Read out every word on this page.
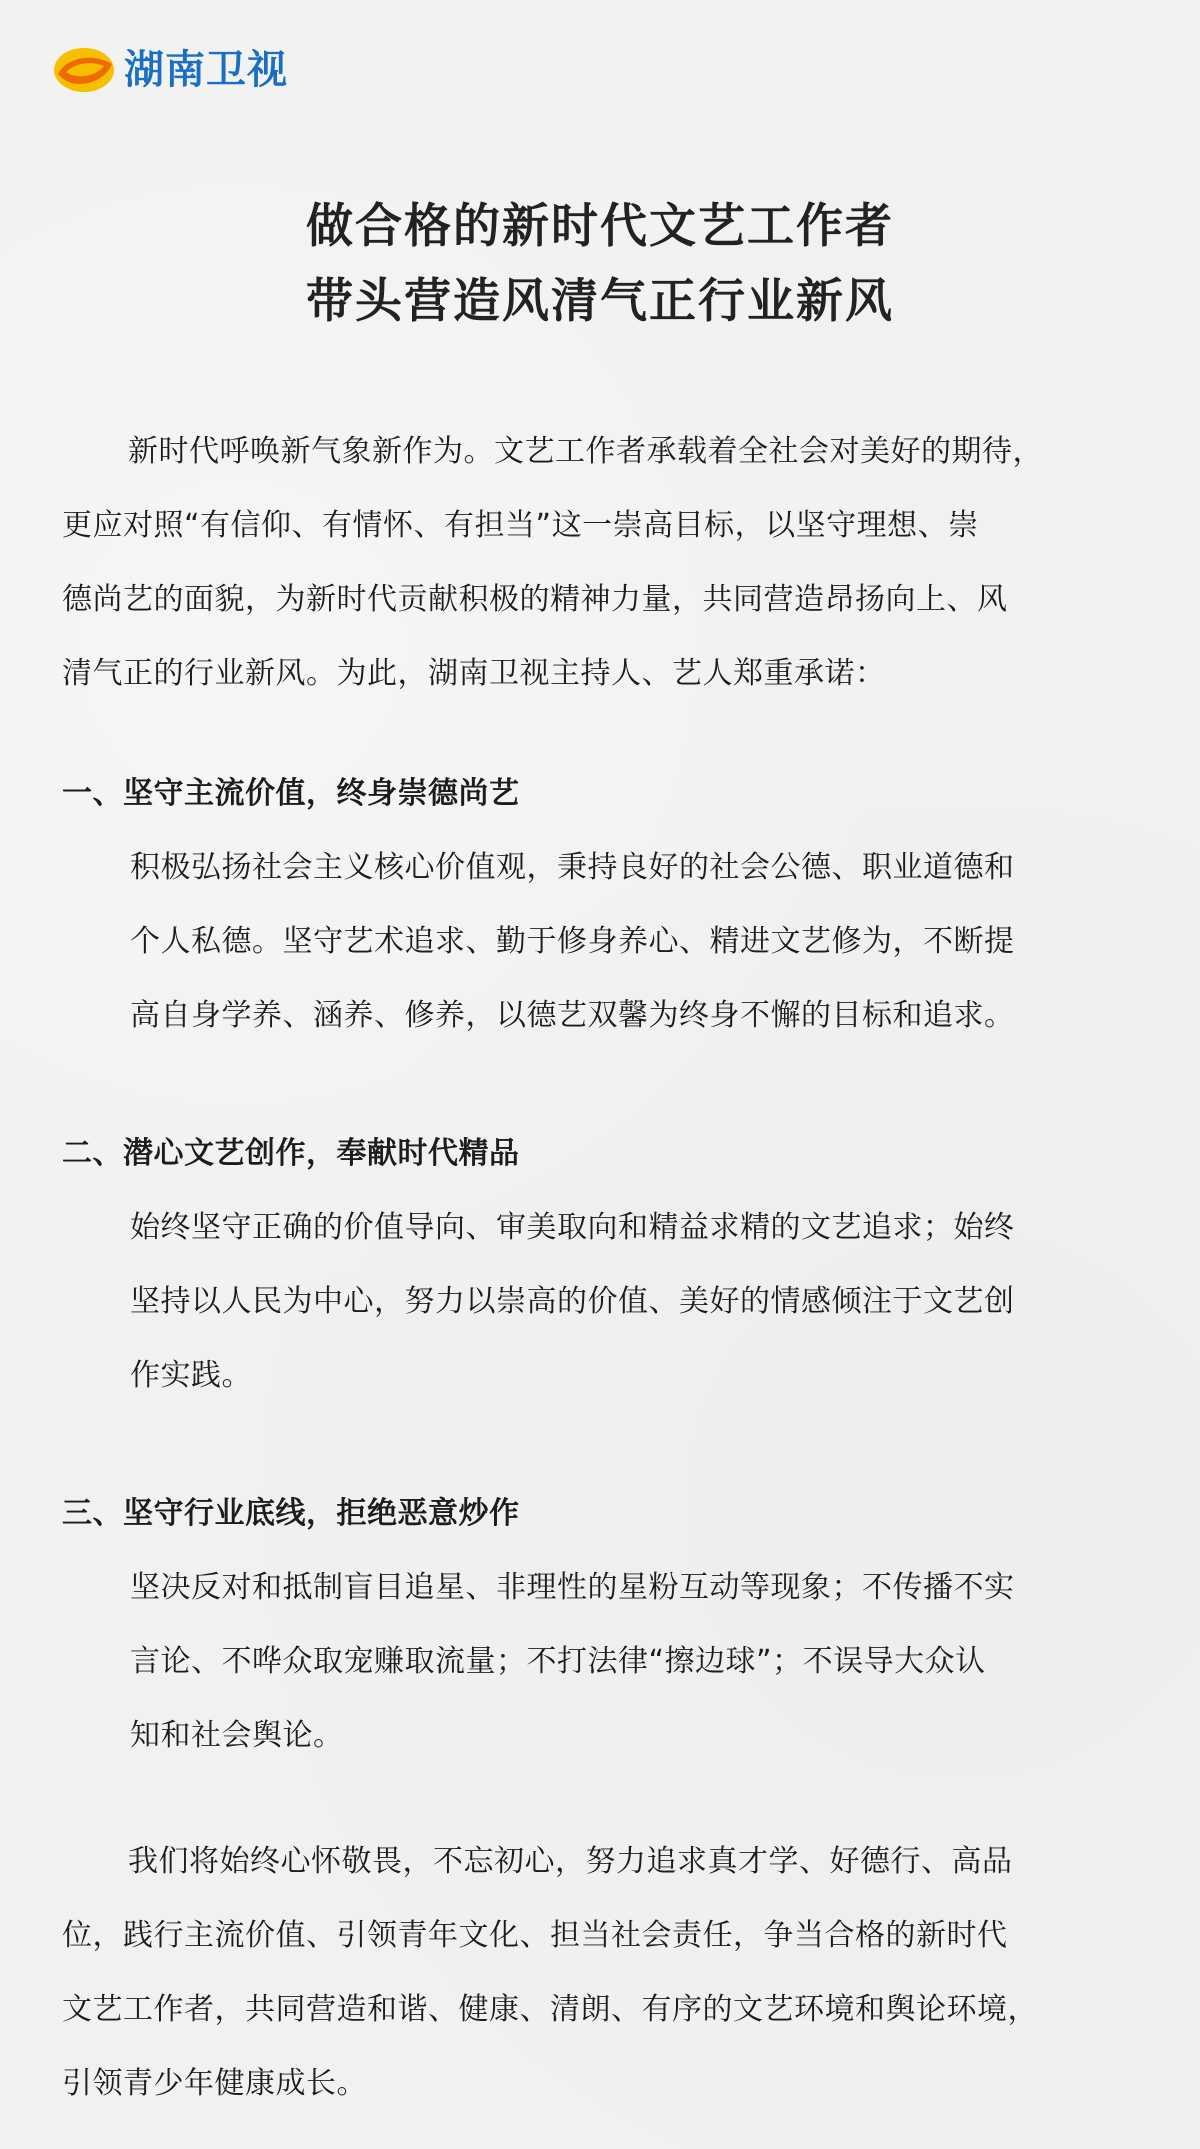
湖南卫视
做合格的新时代文艺工作者
带头营造风清气正行业新风
新时代呼唤新气象新作为。文艺工作者承载着全社会对美好的期待，
更应对照“有信仰、有情怀、有担当”这一崇高目标，以坚守理想、崇
德尚艺的面貌，为新时代贡献积极的精神力量，共同营造昂扬向上、风
清气正的行业新风。为此，湖南卫视主持人、艺人郑重承诺：
一、坚守主流价值，终身崇德尚艺
积极弘扬社会主义核心价值观，秉持良好的社会公德、职业道德和
个人私德。坚守艺术追求、勤于修身养心、精进文艺修为，不断提
高自身学养、涵养、修养，以德艺双馨为终身不懈的目标和追求。
二、潜心文艺创作，奉献时代精品
始终坚守正确的价值导向、审美取向和精益求精的文艺追求；始终
坚持以人民为中心，努力以崇高的价值、美好的情感倾注于文艺创
作实践。
三、坚守行业底线，拒绝恶意炒作
坚决反对和抵制盲目追星、非理性的星粉互动等现象；不传播不实
言论、不哗众取宠赚取流量；不打法律“擦边球”；不误导大众认
知和社会舆论。
我们将始终心怀敬畏，不忘初心，努力追求真才学、好德行、高品
位，践行主流价值、引领青年文化、担当社会责任，争当合格的新时代
文艺工作者，共同营造和谐、健康、清朗、有序的文艺环境和舆论环境，
引领青少年健康成长。
